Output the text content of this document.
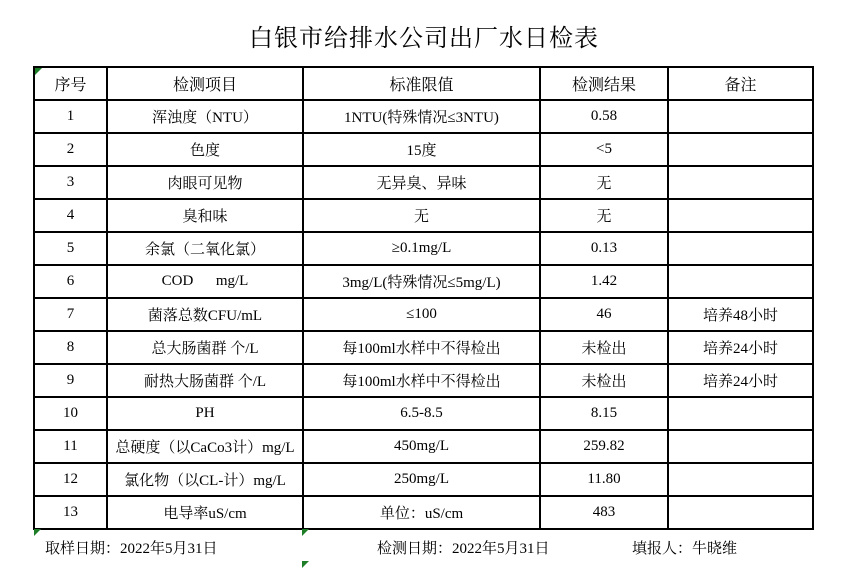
白银市给排水公司出厂水日检表
序号	检测项目	标准限值	检测结果	备注
1	浑浊度（NTU）	1NTU(特殊情况≤3NTU)	0.58	
2	色度	15度	<5	
3	肉眼可见物	无异臭、异味	无	
4	臭和味	无	无	
5	余氯（二氧化氯）	≥0.1mg/L	0.13	
6	COD      mg/L	3mg/L(特殊情况≤5mg/L)	1.42	
7	菌落总数CFU/mL	≤100	46	培养48小时
8	总大肠菌群 个/L	每100ml水样中不得检出	未检出	培养24小时
9	耐热大肠菌群 个/L	每100ml水样中不得检出	未检出	培养24小时
10	PH	6.5-8.5	8.15	
11	总硬度（以CaCo3计）mg/L	450mg/L	259.82	
12	氯化物（以CL-计）mg/L	250mg/L	11.80	
13	电导率uS/cm	单位：uS/cm	483	
取样日期：2022年5月31日	检测日期：2022年5月31日	填报人：牛晓维
